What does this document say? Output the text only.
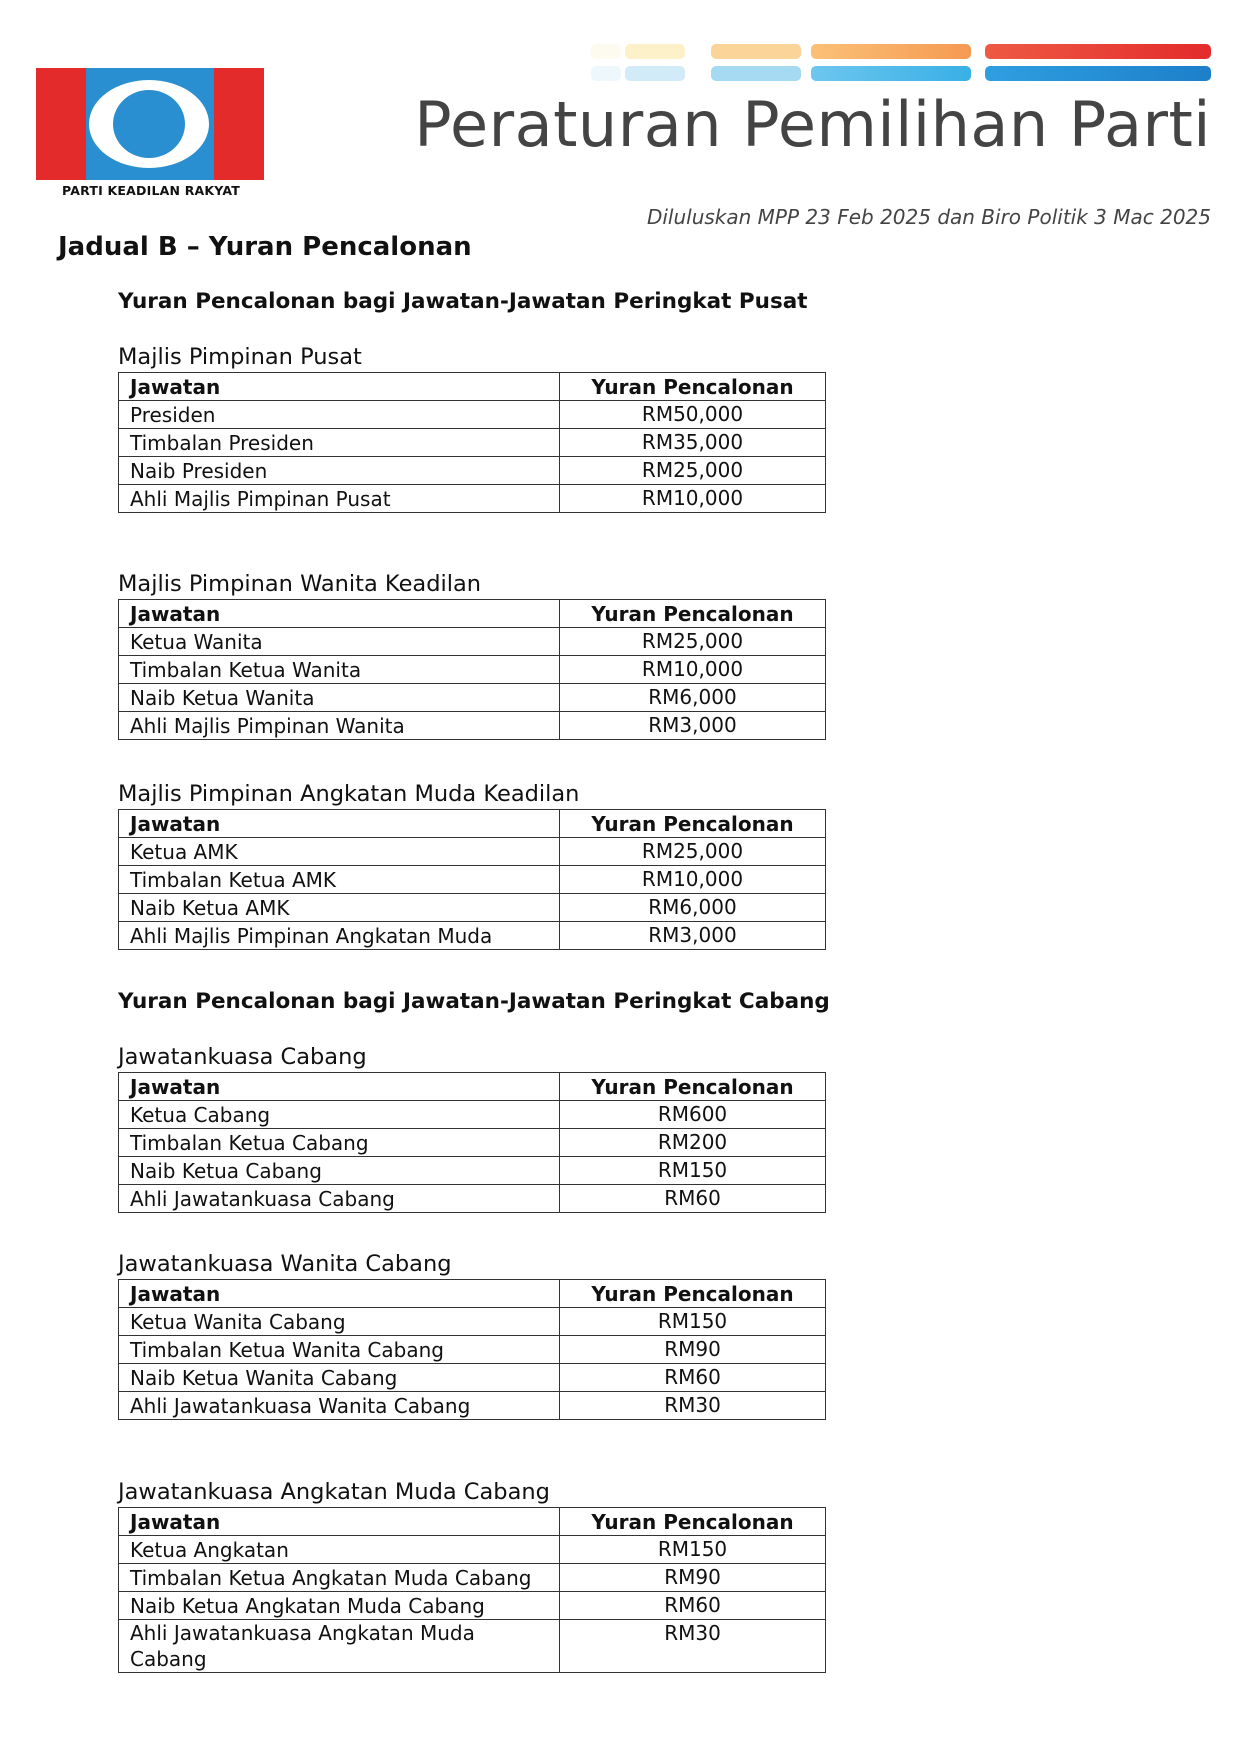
PARTI KEADILAN RAKYAT
Peraturan Pemilihan Parti
Diluluskan MPP 23 Feb 2025 dan Biro Politik 3 Mac 2025
Jadual B – Yuran Pencalonan
Yuran Pencalonan bagi Jawatan-Jawatan Peringkat Pusat
Majlis Pimpinan Pusat
Jawatan	Yuran Pencalonan
Presiden	RM50,000
Timbalan Presiden	RM35,000
Naib Presiden	RM25,000
Ahli Majlis Pimpinan Pusat	RM10,000
Majlis Pimpinan Wanita Keadilan
Jawatan	Yuran Pencalonan
Ketua Wanita	RM25,000
Timbalan Ketua Wanita	RM10,000
Naib Ketua Wanita	RM6,000
Ahli Majlis Pimpinan Wanita	RM3,000
Majlis Pimpinan Angkatan Muda Keadilan
Jawatan	Yuran Pencalonan
Ketua AMK	RM25,000
Timbalan Ketua AMK	RM10,000
Naib Ketua AMK	RM6,000
Ahli Majlis Pimpinan Angkatan Muda	RM3,000
Yuran Pencalonan bagi Jawatan-Jawatan Peringkat Cabang
Jawatankuasa Cabang
Jawatan	Yuran Pencalonan
Ketua Cabang	RM600
Timbalan Ketua Cabang	RM200
Naib Ketua Cabang	RM150
Ahli Jawatankuasa Cabang	RM60
Jawatankuasa Wanita Cabang
Jawatan	Yuran Pencalonan
Ketua Wanita Cabang	RM150
Timbalan Ketua Wanita Cabang	RM90
Naib Ketua Wanita Cabang	RM60
Ahli Jawatankuasa Wanita Cabang	RM30
Jawatankuasa Angkatan Muda Cabang
Jawatan	Yuran Pencalonan
Ketua Angkatan	RM150
Timbalan Ketua Angkatan Muda Cabang	RM90
Naib Ketua Angkatan Muda Cabang	RM60
Ahli Jawatankuasa Angkatan Muda Cabang	RM30
